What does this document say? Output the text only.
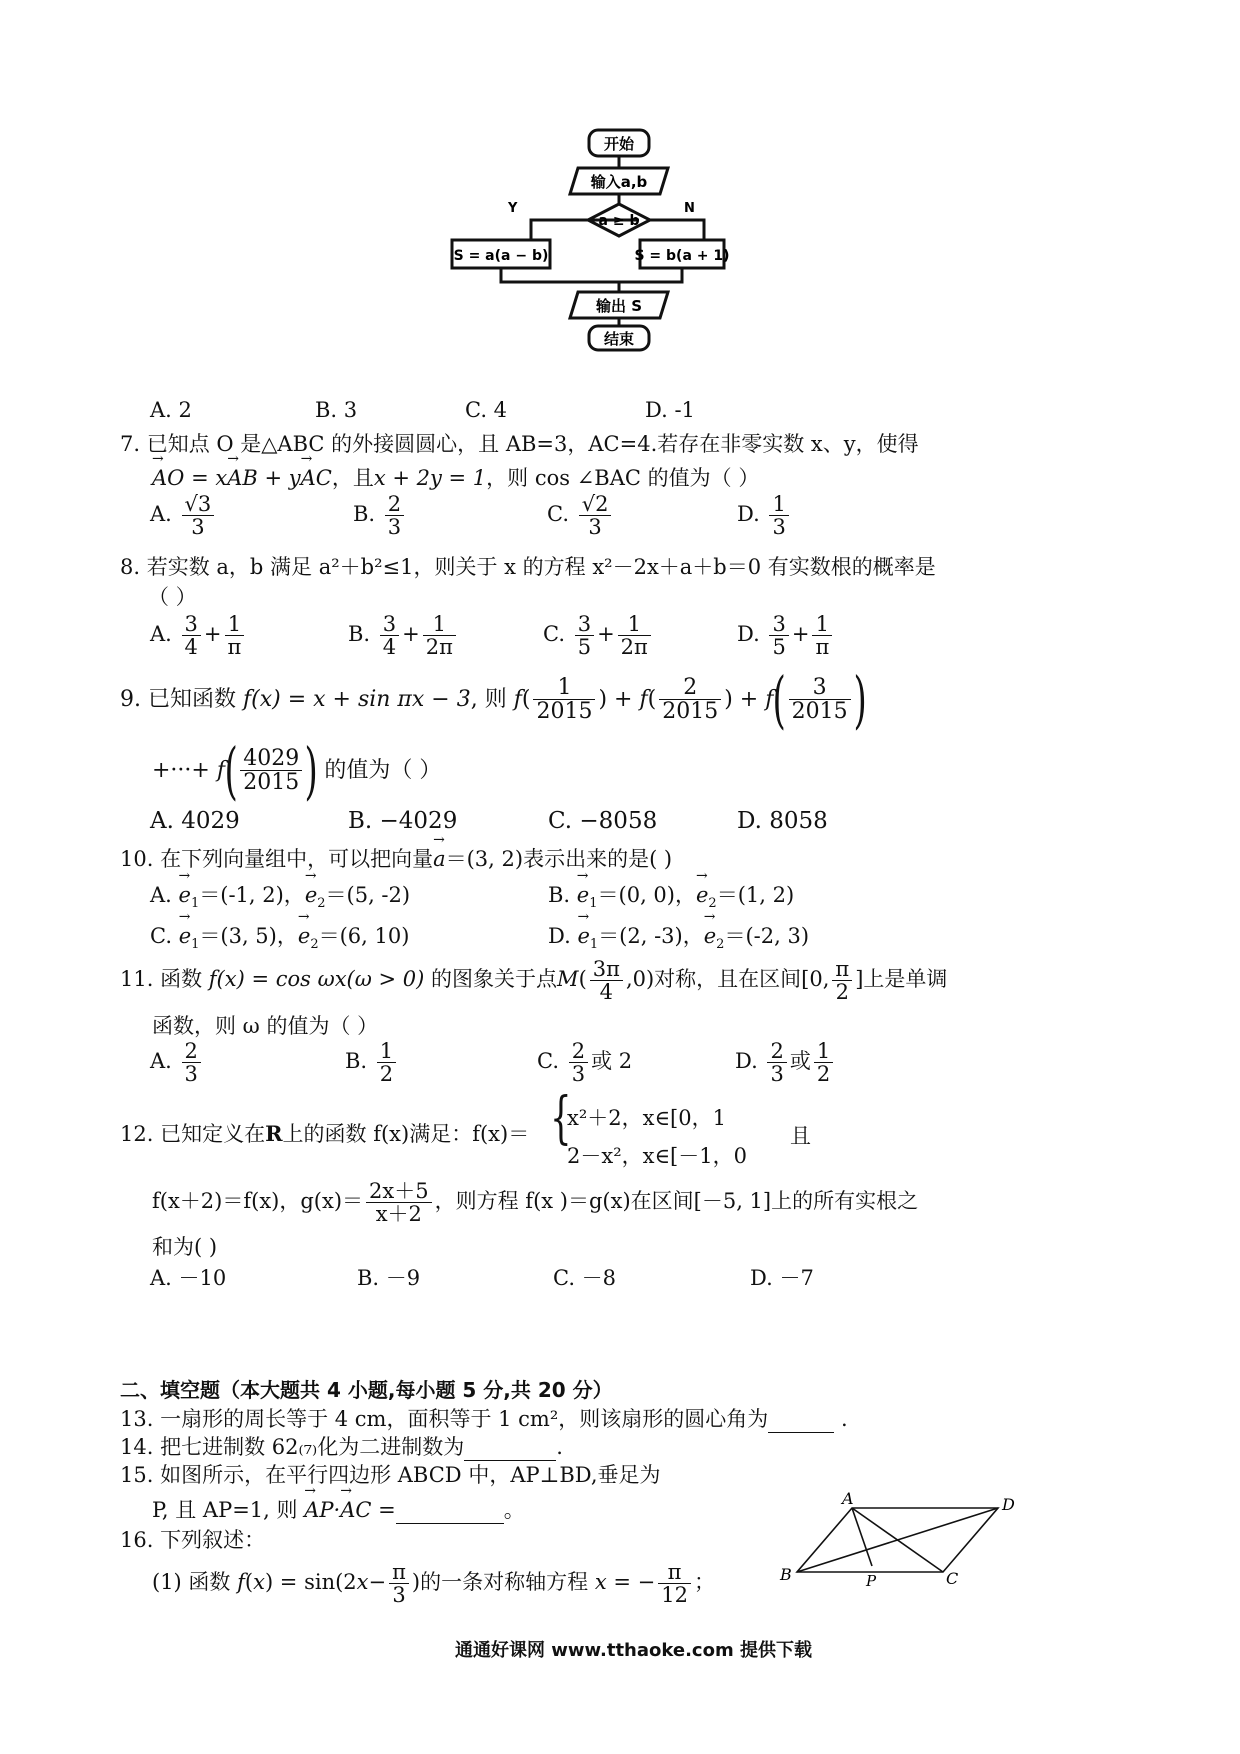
开始
输入a,b
a ≥ b
Y	N
S = a(a − b)	S = b(a + 1)
输出 S
结束
A. 2	B. 3	C. 4	D. -1
7. 已知点 O 是△ABC 的外接圆圆心，且 AB=3，AC=4.若存在非零实数 x、y，使得
→ AO = x→ AB + y→ AC，且x + 2y = 1，则 cos ∠BAC 的值为（ ）
A. $\frac{√3}{3}$	B. $\frac{2}{3}$	C. $\frac{√2}{3}$	D. $\frac{1}{3}$
8. 若实数 a，b 满足 a²＋b²≤1，则关于 x 的方程 x²－2x＋a＋b＝0 有实数根的概率是
（ ）
A. $\frac{3}{4} + \frac{1}{\pi}$	B. $\frac{3}{4} + \frac{1}{2\pi}$	C. $\frac{3}{5} + \frac{1}{2\pi}$	D. $\frac{3}{5} + \frac{1}{\pi}$
9. 已知函数 f(x) = x + sin πx − 3, 则 $f( \frac{1}{2015}$ ) + $f( \frac{2}{2015}$ ) + $f( \frac{3}{2015}$ )
+···+ $f( \frac{4029}{2015}$ ) 的值为（ ）
A. 4029	B. −4029	C. −8058	D. 8058
10. 在下列向量组中，可以把向量→ a＝(3, 2)表示出来的是( )
A. → $e_1=(-1$, 2)，→ $e_2=(5$, -2)	B. → $e_1=(0$, 0)，→ $e_2=(1$, 2)
C. → $e_1=(3$, 5)，→ $e_2=(6$, 10)	D. → $e_1=(2$, -3)，→ $e_2=(-2$, 3)
11. 函数 f(x) = cos ωx(ω > 0) 的图象关于点$M( \frac{3\pi}{4} ,0)$对称，且在区间[0, $\frac{\pi}{2}$ ]上是单调
函数，则 ω 的值为（ ）
A. $\frac{2}{3}$	B. $\frac{1}{2}$	C. $\frac{2}{3}$ 或 2	D. $\frac{2}{3}$ 或 $\frac{1}{2}$
12. 已知定义在R上的函数 f(x)满足：f(x)＝ {
x²＋2，x∈[0，1
2－x²，x∈[－1，0
且
f(x＋2)＝f(x)，$g(x)= \frac{2x+5}{x+2}$ ，则方程 f(x )＝g(x)在区间[－5, 1]上的所有实根之
和为( )
A. －10	B. －9	C. －8	D. －7
二、填空题（本大题共 4 小题,每小题 5 分,共 20 分）
13. 一扇形的周长等于 4 cm，面积等于 1 cm²，则该扇形的圆心角为	.
14. 把七进制数 62₍₇₎化为二进制数为	.
15. 如图所示，在平行四边形 ABCD 中，AP⊥BD,垂足为
P, 且 AP=1, 则 → AP·→ AC =	。
16. 下列叙述：
(1) 函数 $f(x) = \sin(2x- \frac{\pi}{3}$ )的一条对称轴方程 x = − $\frac{\pi}{12}$ ；
A	D
B	C
P
通通好课网 www.tthaoke.com 提供下载
